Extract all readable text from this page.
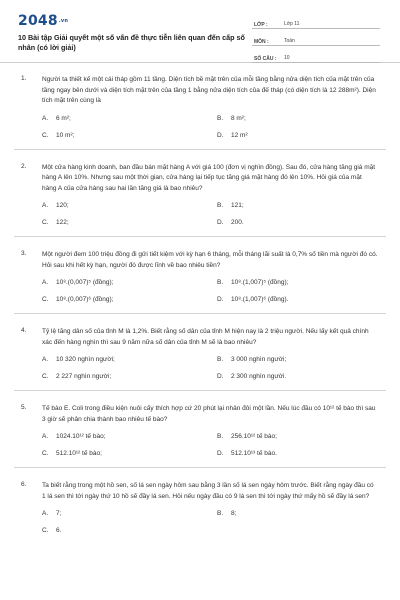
2048.vn
10 Bài tập Giải quyết một số vấn đề thực tiễn liên quan đến cấp số nhân (có lời giải)
LỚP :	Lớp 11
MÔN :	Toán
SỐ CÂU :	10
1. Người ta thiết kế một cái tháp gồm 11 tầng. Diện tích bề mặt trên của mỗi tầng bằng nửa diện tích của mặt trên của tầng ngay bên dưới và diện tích mặt trên của tầng 1 bằng nửa diện tích của đế tháp (có diện tích là 12 288m²). Diện tích mặt trên cùng là
A.	6 m²;	B.	8 m²;
C.	10 m²;	D.	12 m²
2. Một cửa hàng kinh doanh, ban đầu bán mặt hàng A với giá 100 (đơn vị nghìn đồng). Sau đó, cửa hàng tăng giá mặt hàng A lên 10%. Nhưng sau một thời gian, cửa hàng lại tiếp tục tăng giá mặt hàng đó lên 10%. Hỏi giá của mặt hàng A của cửa hàng sau hai lần tăng giá là bao nhiêu?
A.	120;	B.	121;
C.	122;	D.	200.
3. Một người đem 100 triệu đồng đi gửi tiết kiệm với kỳ hạn 6 tháng, mỗi tháng lãi suất là 0,7% số tiền mà người đó có. Hỏi sau khi hết kỳ hạn, người đó được lĩnh về bao nhiêu tiền?
A.	10⁸.(0,007)⁵ (đồng);	B.	10⁸.(1,007)⁵ (đồng);
C.	10⁸.(0,007)⁶ (đồng);	D.	10⁸.(1,007)⁶ (đồng).
4. Tỷ lệ tăng dân số của tỉnh M là 1,2%. Biết rằng số dân của tỉnh M hiện nay là 2 triệu người. Nếu lấy kết quả chính xác đến hàng nghìn thì sau 9 năm nữa số dân của tỉnh M sẽ là bao nhiêu?
A.	10 320 nghìn người;	B.	3 000 nghìn người;
C.	2 227 nghìn người;	D.	2 300 nghìn người.
5. Tế bào E. Coli trong điều kiện nuôi cấy thích hợp cứ 20 phút lại nhân đôi một lần. Nếu lúc đầu có 10¹² tế bào thì sau 3 giờ sẽ phân chia thành bao nhiêu tế bào?
A.	1024.10¹² tế bào;	B.	256.10¹² tế bào;
C.	512.10¹² tế bào;	D.	512.10¹³ tế bào.
6. Ta biết rằng trong một hồ sen, số lá sen ngày hôm sau bằng 3 lần số lá sen ngày hôm trước. Biết rằng ngày đầu có 1 lá sen thì tới ngày thứ 10 hồ sẽ đầy lá sen. Hỏi nếu ngày đầu có 9 lá sen thì tới ngày thứ mấy hồ sẽ đầy lá sen?
A.	7;	B.	8;
C.	6.
